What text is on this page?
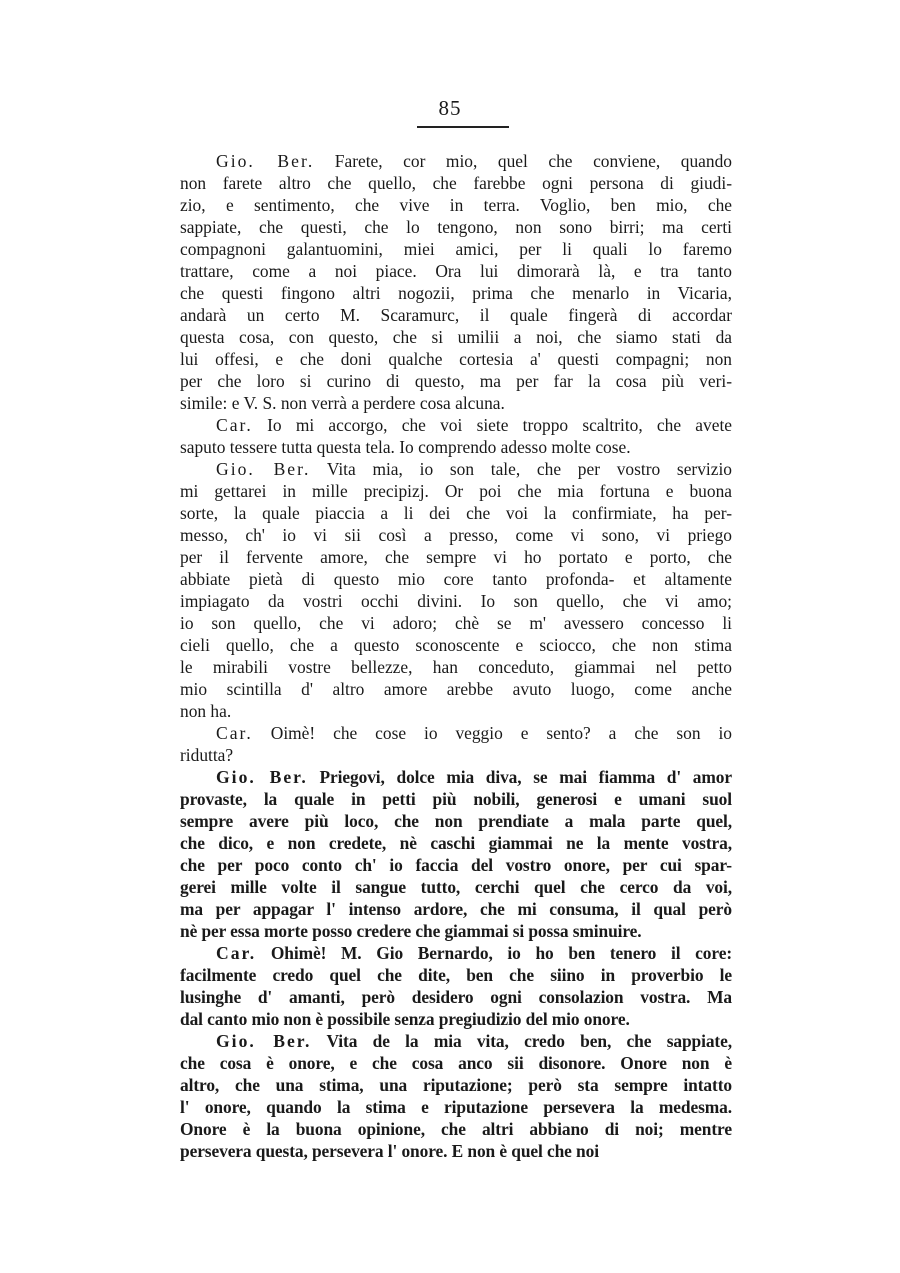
85
Gio. Ber. Farete, cor mio, quel che conviene, quando
non farete altro che quello, che farebbe ogni persona di giudi-
zio, e sentimento, che vive in terra. Voglio, ben mio, che
sappiate, che questi, che lo tengono, non sono birri; ma certi
compagnoni galantuomini, miei amici, per li quali lo faremo
trattare, come a noi piace. Ora lui dimorarà là, e tra tanto
che questi fingono altri nogozii, prima che menarlo in Vicaria,
andarà un certo M. Scaramurc, il quale fingerà di accordar
questa cosa, con questo, che si umilii a noi, che siamo stati da
lui offesi, e che doni qualche cortesia a' questi compagni; non
per che loro si curino di questo, ma per far la cosa più veri-
simile: e V. S. non verrà a perdere cosa alcuna.
Car. Io mi accorgo, che voi siete troppo scaltrito, che avete
saputo tessere tutta questa tela. Io comprendo adesso molte cose.
Gio. Ber. Vita mia, io son tale, che per vostro servizio
mi gettarei in mille precipizj. Or poi che mia fortuna e buona
sorte, la quale piaccia a li dei che voi la confirmiate, ha per-
messo, ch' io vi sii così a presso, come vi sono, vi priego
per il fervente amore, che sempre vi ho portato e porto, che
abbiate pietà di questo mio core tanto profonda- et altamente
impiagato da vostri occhi divini. Io son quello, che vi amo;
io son quello, che vi adoro; chè se m' avessero concesso li
cieli quello, che a questo sconoscente e sciocco, che non stima
le mirabili vostre bellezze, han conceduto, giammai nel petto
mio scintilla d' altro amore arebbe avuto luogo, come anche
non ha.
Car. Oimè! che cose io veggio e sento? a che son io
ridutta?
Gio. Ber. Priegovi, dolce mia diva, se mai fiamma d' amor
provaste, la quale in petti più nobili, generosi e umani suol
sempre avere più loco, che non prendiate a mala parte quel,
che dico, e non credete, nè caschi giammai ne la mente vostra,
che per poco conto ch' io faccia del vostro onore, per cui spar-
gerei mille volte il sangue tutto, cerchi quel che cerco da voi,
ma per appagar l' intenso ardore, che mi consuma, il qual però
nè per essa morte posso credere che giammai si possa sminuire.
Car. Ohimè! M. Gio Bernardo, io ho ben tenero il core:
facilmente credo quel che dite, ben che siino in proverbio le
lusinghe d' amanti, però desidero ogni consolazion vostra. Ma
dal canto mio non è possibile senza pregiudizio del mio onore.
Gio. Ber. Vita de la mia vita, credo ben, che sappiate,
che cosa è onore, e che cosa anco sii disonore. Onore non è
altro, che una stima, una riputazione; però sta sempre intatto
l' onore, quando la stima e riputazione persevera la medesma.
Onore è la buona opinione, che altri abbiano di noi; mentre
persevera questa, persevera l' onore. E non è quel che noi
